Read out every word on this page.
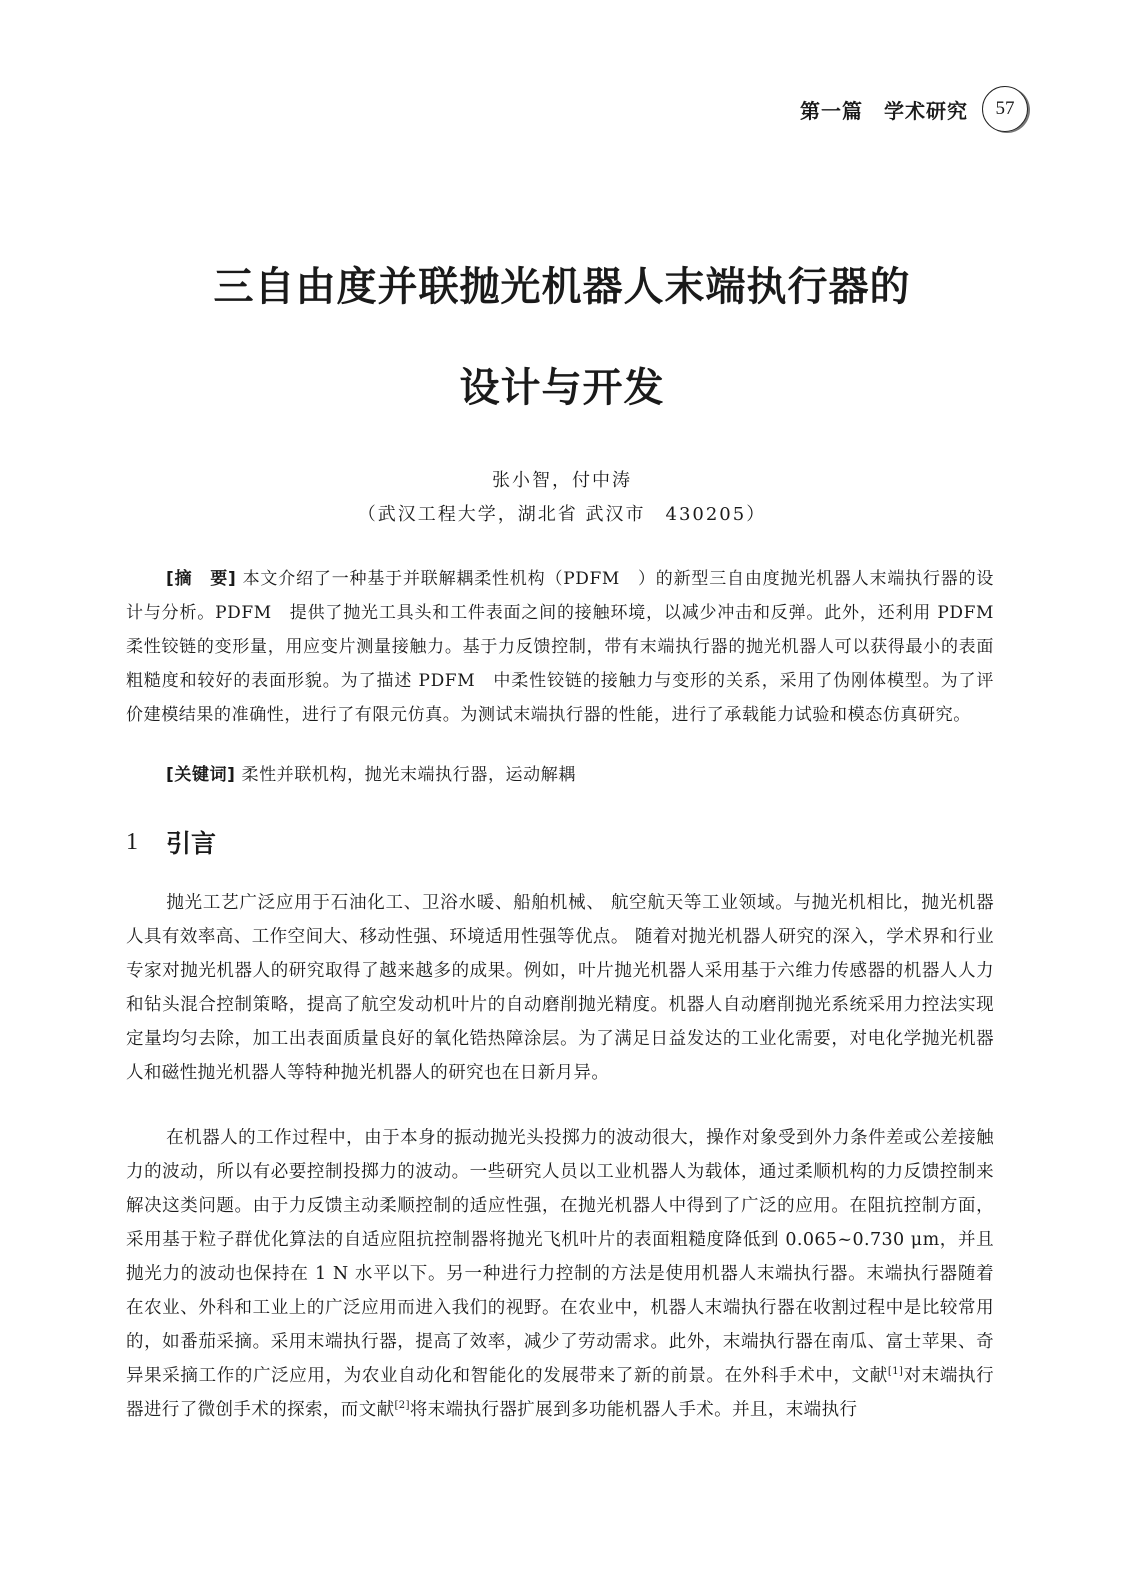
第一篇　学术研究	57
三自由度并联抛光机器人末端执行器的
设计与开发
张小智，付中涛
（武汉工程大学，湖北省 武汉市　430205）
[摘　要] 本文介绍了一种基于并联解耦柔性机构（PDFM　）的新型三自由度抛光机器人末端执行器的设计与分析。PDFM　提供了抛光工具头和工件表面之间的接触环境，以减少冲击和反弹。此外，还利用 PDFM　柔性铰链的变形量，用应变片测量接触力。基于力反馈控制，带有末端执行器的抛光机器人可以获得最小的表面粗糙度和较好的表面形貌。为了描述 PDFM　中柔性铰链的接触力与变形的关系，采用了伪刚体模型。为了评价建模结果的准确性，进行了有限元仿真。为测试末端执行器的性能，进行了承载能力试验和模态仿真研究。
[关键词] 柔性并联机构，抛光末端执行器，运动解耦
1 引言

抛光工艺广泛应用于石油化工、卫浴水暖、船舶机械、 航空航天等工业领域。与抛光机相比，抛光机器人具有效率高、工作空间大、移动性强、环境适用性强等优点。 随着对抛光机器人研究的深入，学术界和行业专家对抛光机器人的研究取得了越来越多的成果。例如，叶片抛光机器人采用基于六维力传感器的机器人人力和钻头混合控制策略，提高了航空发动机叶片的自动磨削抛光精度。机器人自动磨削抛光系统采用力控法实现定量均匀去除，加工出表面质量良好的氧化锆热障涂层。为了满足日益发达的工业化需要，对电化学抛光机器人和磁性抛光机器人等特种抛光机器人的研究也在日新月异。

在机器人的工作过程中，由于本身的振动抛光头投掷力的波动很大，操作对象受到外力条件差或公差接触力的波动，所以有必要控制投掷力的波动。一些研究人员以工业机器人为载体，通过柔顺机构的力反馈控制来解决这类问题。由于力反馈主动柔顺控制的适应性强，在抛光机器人中得到了广泛的应用。在阻抗控制方面，采用基于粒子群优化算法的自适应阻抗控制器将抛光飞机叶片的表面粗糙度降低到 0.065~0.730 μm，并且抛光力的波动也保持在 1 N 水平以下。另一种进行力控制的方法是使用机器人末端执行器。末端执行器随着在农业、外科和工业上的广泛应用而进入我们的视野。在农业中，机器人末端执行器在收割过程中是比较常用的，如番茄采摘。采用末端执行器，提高了效率，减少了劳动需求。此外，末端执行器在南瓜、富士苹果、奇异果采摘工作的广泛应用，为农业自动化和智能化的发展带来了新的前景。在外科手术中，文献[1]对末端执行器进行了微创手术的探索，而文献[2]将末端执行器扩展到多功能机器人手术。并且，末端执行
